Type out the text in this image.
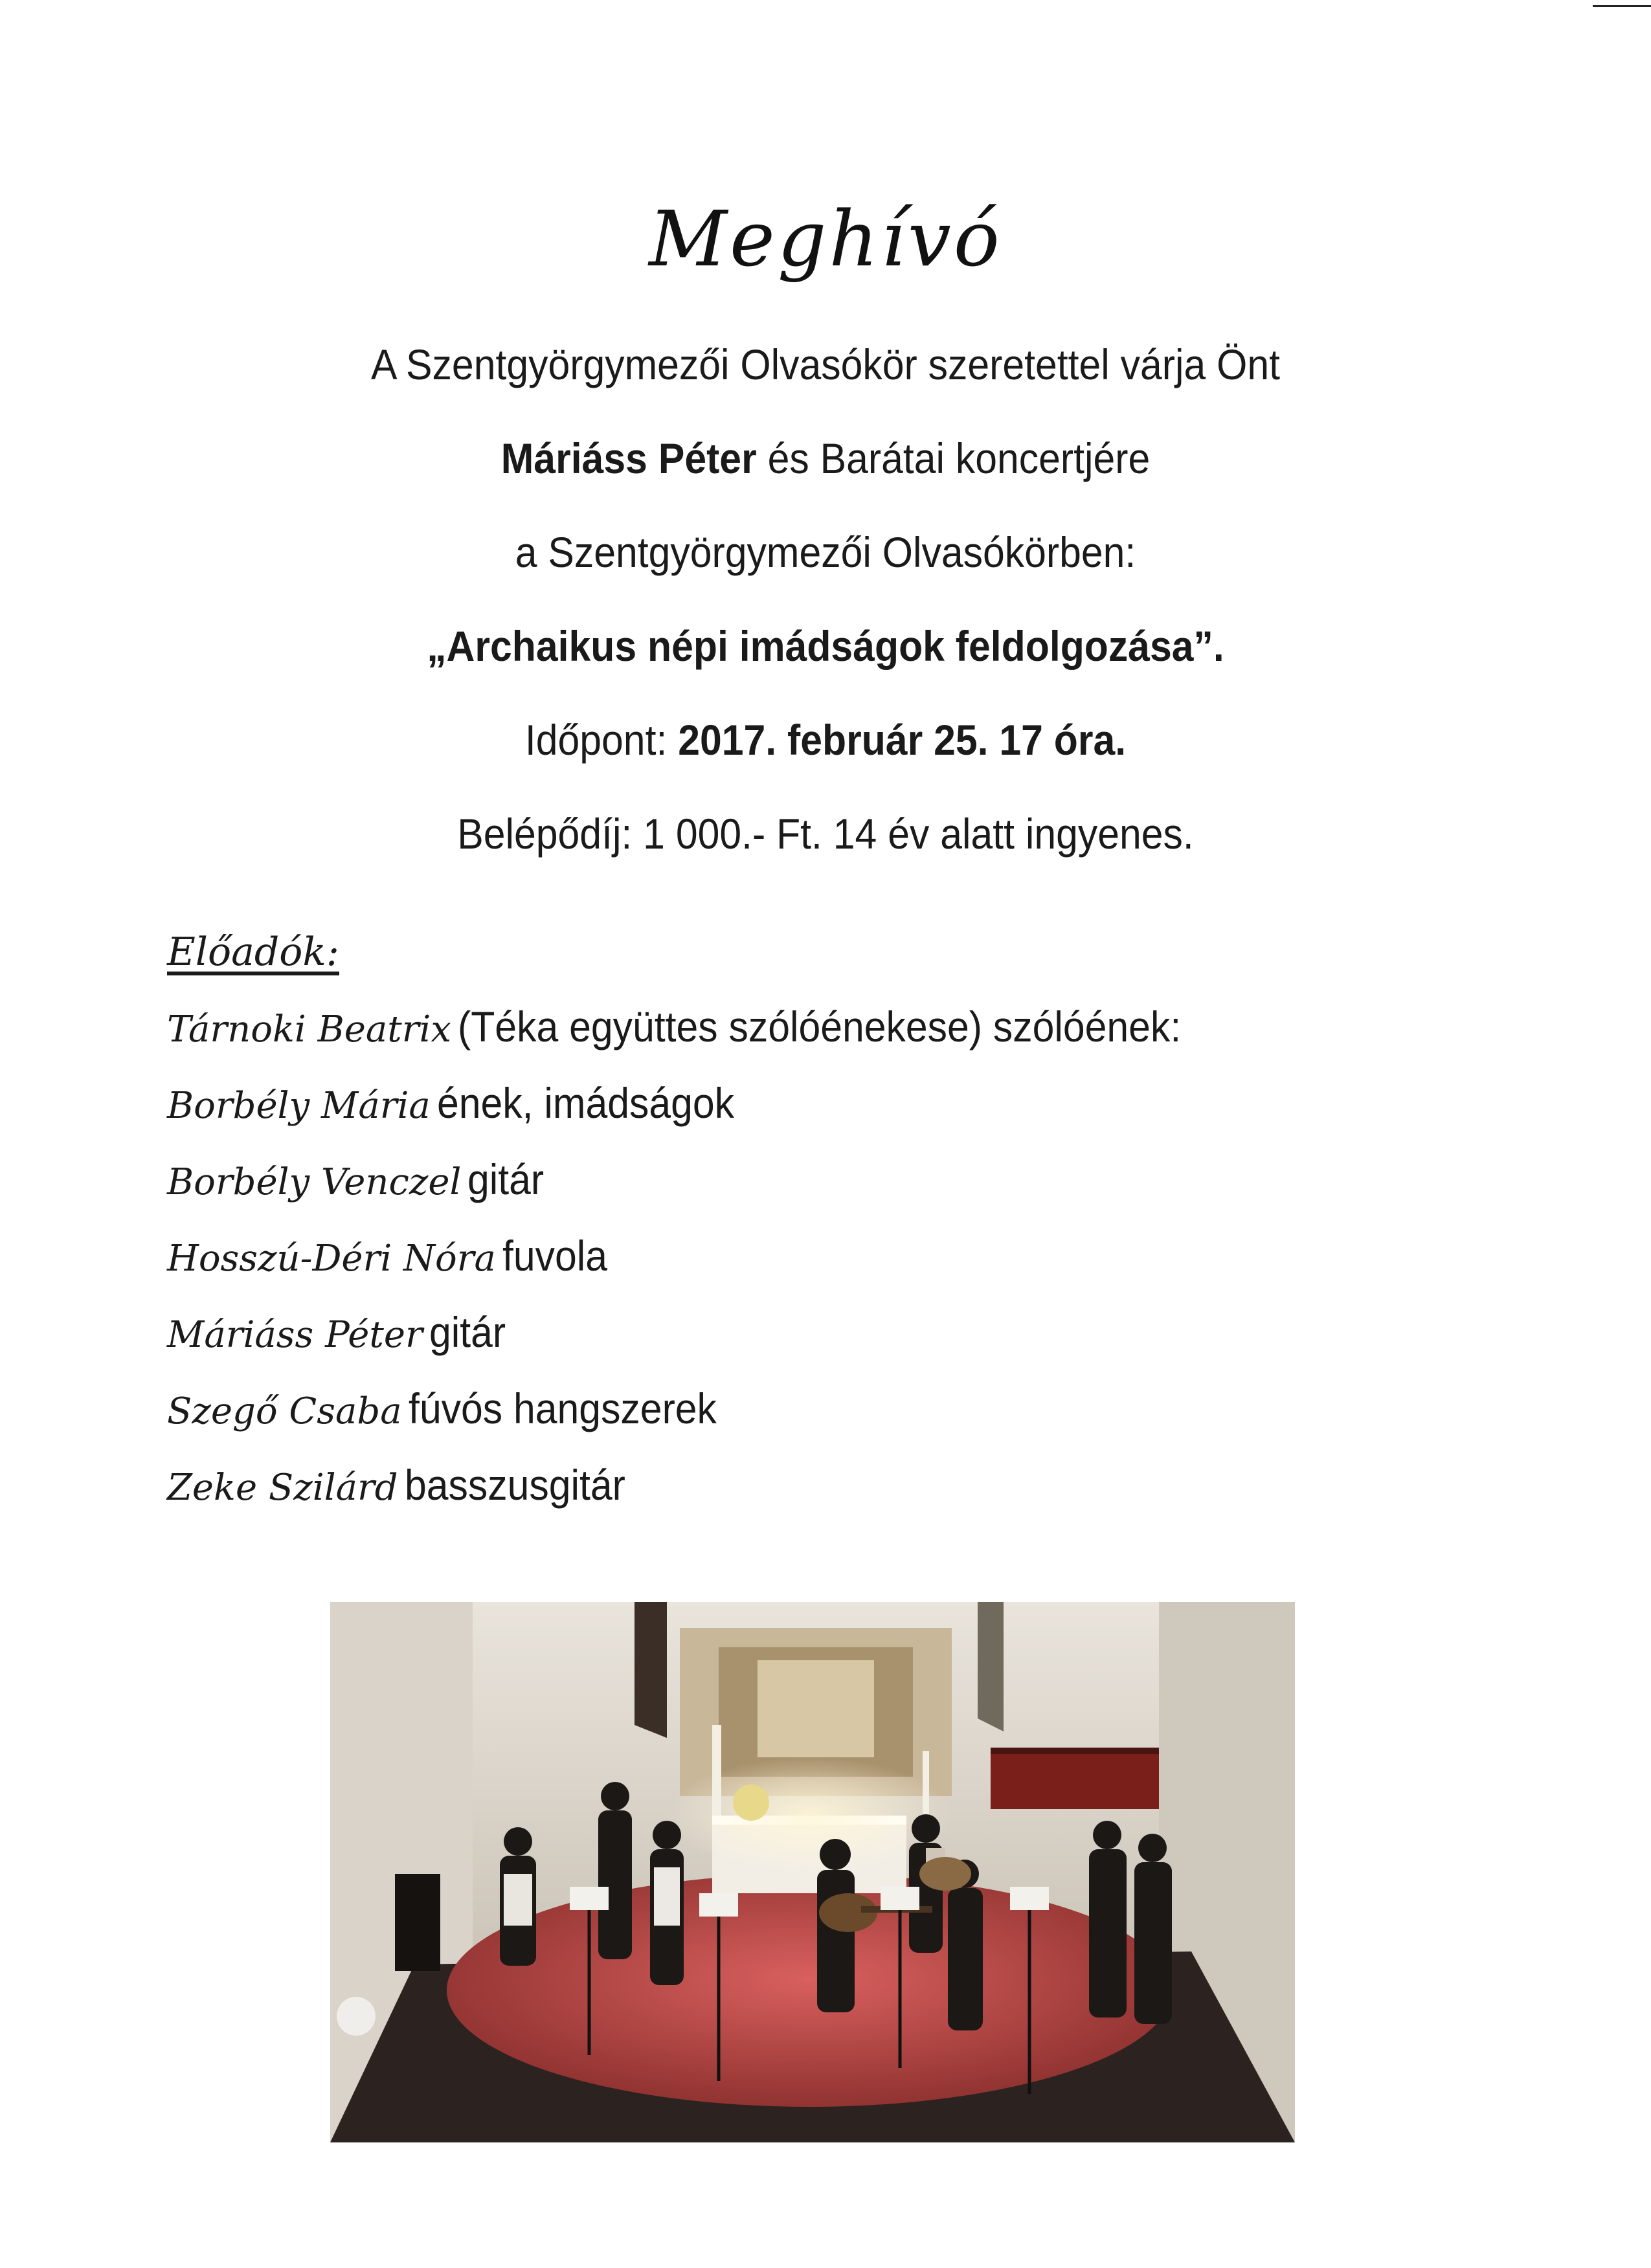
Meghívó
A Szentgyörgymezői Olvasókör szeretettel várja Önt
Máriáss Péter és Barátai koncertjére
a Szentgyörgymezői Olvasókörben:
„Archaikus népi imádságok feldolgozása”.
Időpont: 2017. február 25. 17 óra.
Belépődíj: 1 000.- Ft. 14 év alatt ingyenes.
Előadók:
Tárnoki Beatrix (Téka együttes szólóénekese) szólóének:
Borbély Mária ének, imádságok
Borbély Venczel gitár
Hosszú-Déri Nóra fuvola
Máriáss Péter gitár
Szegő Csaba fúvós hangszerek
Zeke Szilárd basszusgitár
